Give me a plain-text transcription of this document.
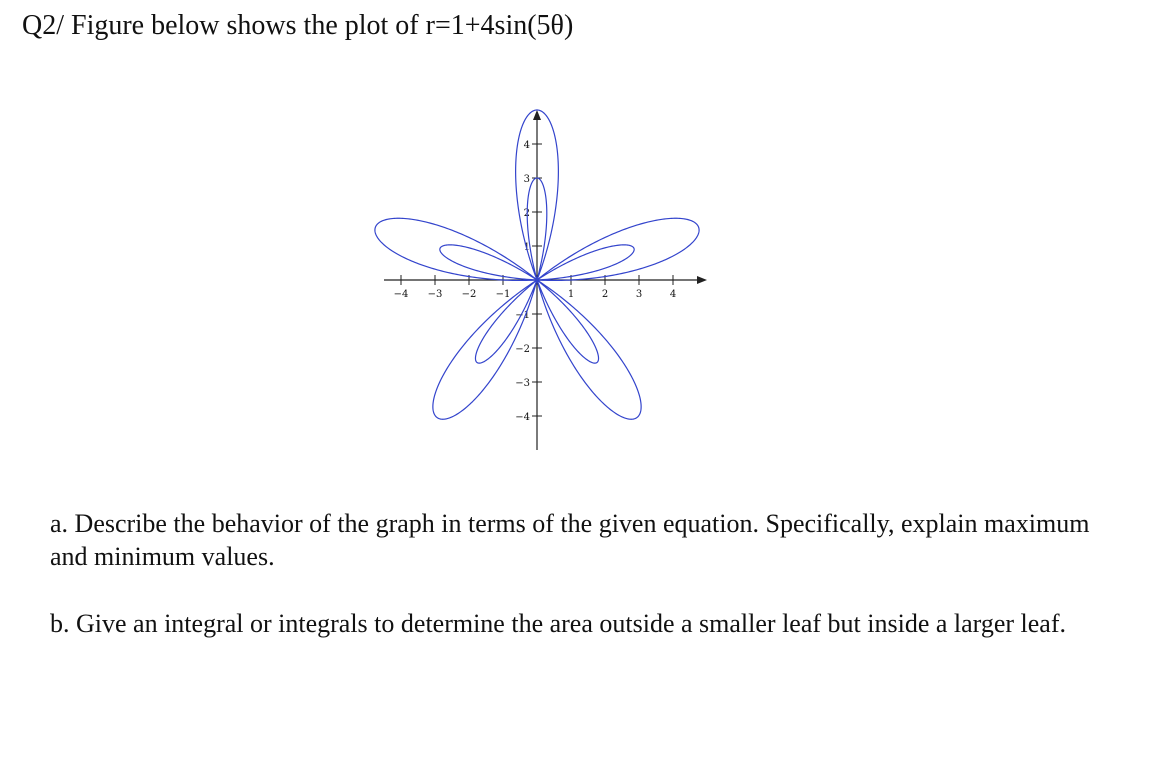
Q2/ Figure below shows the plot of r=1+4sin(5θ)
−4 −3 −2 −1	1	2	3	4
−4
−3
−2
−1
1
2
3
4

a. Describe the behavior of the graph in terms of the given equation. Specifically, explain maximum and minimum values.

b. Give an integral or integrals to determine the area outside a smaller leaf but inside a larger leaf.
